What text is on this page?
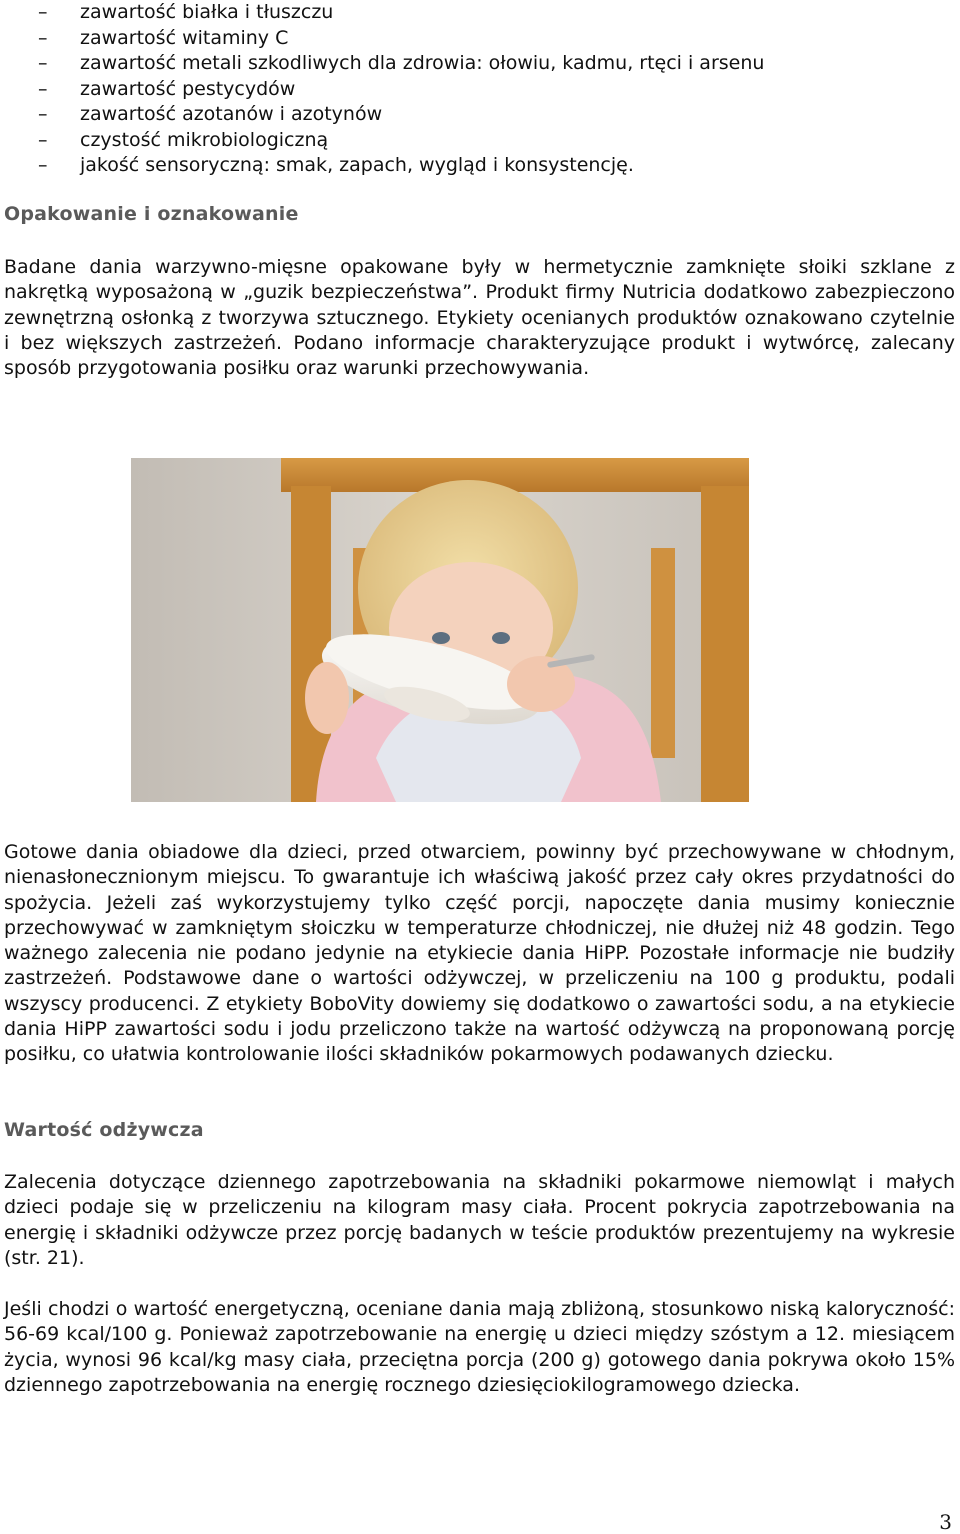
– zawartość białka i tłuszczu
– zawartość witaminy C
– zawartość metali szkodliwych dla zdrowia: ołowiu, kadmu, rtęci i arsenu
– zawartość pestycydów
– zawartość azotanów i azotynów
– czystość mikrobiologiczną
– jakość sensoryczną: smak, zapach, wygląd i konsystencję.
Opakowanie i oznakowanie

Badane dania warzywno-mięsne opakowane były w hermetycznie zamknięte słoiki szklane z nakrętką wyposażoną w „guzik bezpieczeństwa”. Produkt firmy Nutricia dodatkowo zabezpieczono zewnętrzną osłonką z tworzywa sztucznego. Etykiety ocenianych produktów oznakowano czytelnie i bez większych zastrzeżeń. Podano informacje charakteryzujące produkt i wytwórcę, zalecany sposób przygotowania posiłku oraz warunki przechowywania.

Gotowe dania obiadowe dla dzieci, przed otwarciem, powinny być przechowywane w chłodnym, nienasłonecznionym miejscu. To gwarantuje ich właściwą jakość przez cały okres przydatności do spożycia. Jeżeli zaś wykorzystujemy tylko część porcji, napoczęte dania musimy koniecznie przechowywać w zamkniętym słoiczku w temperaturze chłodniczej, nie dłużej niż 48 godzin. Tego ważnego zalecenia nie podano jedynie na etykiecie dania HiPP. Pozostałe informacje nie budziły zastrzeżeń. Podstawowe dane o wartości odżywczej, w przeliczeniu na 100 g produktu, podali wszyscy producenci. Z etykiety BoboVity dowiemy się dodatkowo o zawartości sodu, a na etykiecie dania HiPP zawartości sodu i jodu przeliczono także na wartość odżywczą na proponowaną porcję posiłku, co ułatwia kontrolowanie ilości składników pokarmowych podawanych dziecku.

Wartość odżywcza

Zalecenia dotyczące dziennego zapotrzebowania na składniki pokarmowe niemowląt i małych dzieci podaje się w przeliczeniu na kilogram masy ciała. Procent pokrycia zapotrzebowania na energię i składniki odżywcze przez porcję badanych w teście produktów prezentujemy na wykresie (str. 21).

Jeśli chodzi o wartość energetyczną, oceniane dania mają zbliżoną, stosunkowo niską kaloryczność: 56-69 kcal/100 g. Ponieważ zapotrzebowanie na energię u dzieci między szóstym a 12. miesiącem życia, wynosi 96 kcal/kg masy ciała, przeciętna porcja (200 g) gotowego dania pokrywa około 15% dziennego zapotrzebowania na energię rocznego dziesięciokilogramowego dziecka.

3
